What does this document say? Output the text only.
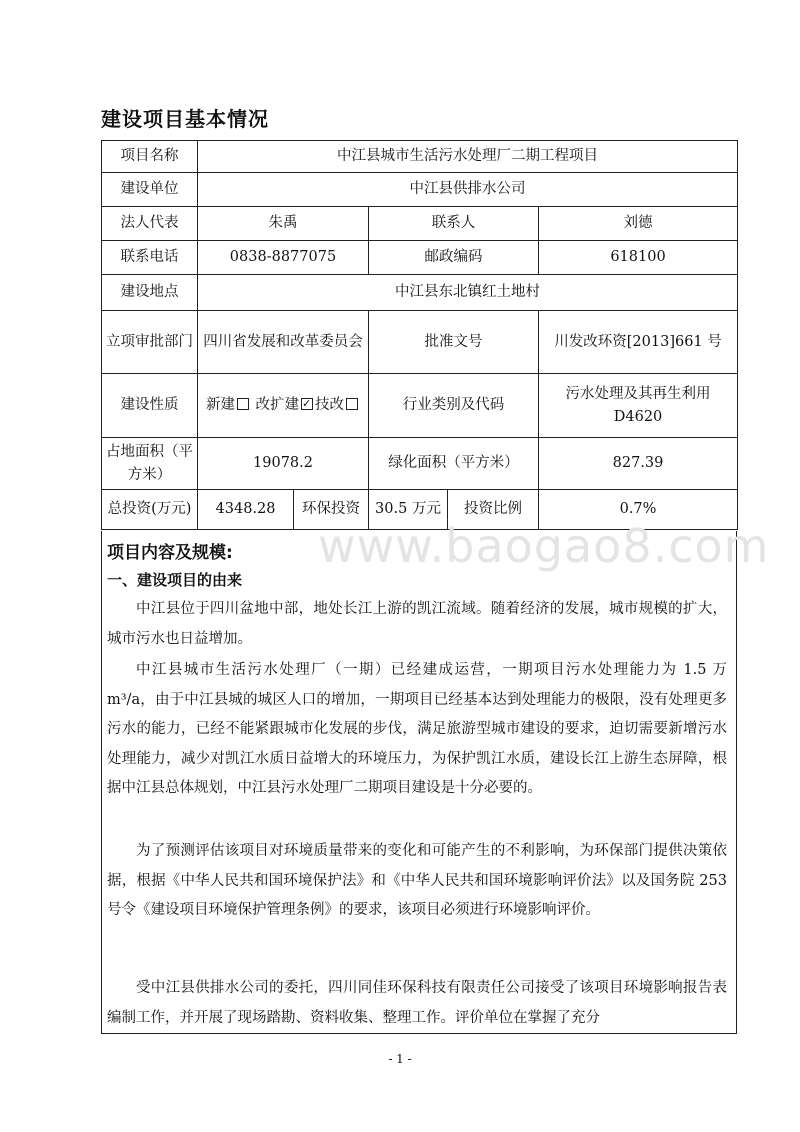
建设项目基本情况
项目名称	中江县城市生活污水处理厂二期工程项目				
建设单位	中江县供排水公司				
法人代表	朱禹		联系人		刘德
联系电话	0838-8877075		邮政编码		618100
建设地点	中江县东北镇红土地村				
立项审批部门	四川省发展和改革委员会		批准文号		川发改环资[2013]661 号
建设性质	新建 改扩建 ✓ 技改		行业类别及代码		污水处理及其再生利用 D4620
占地面积（平方米）	19078.2		绿化面积（平方米）		827.39
总投资(万元)	4348.28	环保投资	30.5 万元	投资比例	0.7%
项目内容及规模:
一、建设项目的由来

中江县位于四川盆地中部，地处长江上游的凯江流域。随着经济的发展，城市规模的扩大，城市污水也日益增加。

中江县城市生活污水处理厂（一期）已经建成运营，一期项目污水处理能力为 1.5 万 m³/a，由于中江县城的城区人口的增加，一期项目已经基本达到处理能力的极限，没有处理更多污水的能力，已经不能紧跟城市化发展的步伐，满足旅游型城市建设的要求，迫切需要新增污水处理能力，减少对凯江水质日益增大的环境压力，为保护凯江水质，建设长江上游生态屏障，根据中江县总体规划，中江县污水处理厂二期项目建设是十分必要的。

为了预测评估该项目对环境质量带来的变化和可能产生的不利影响，为环保部门提供决策依据，根据《中华人民共和国环境保护法》和《中华人民共和国环境影响评价法》以及国务院 253 号令《建设项目环境保护管理条例》的要求，该项目必须进行环境影响评价。

受中江县供排水公司的委托，四川同佳环保科技有限责任公司接受了该项目环境影响报告表编制工作，并开展了现场踏勘、资料收集、整理工作。评价单位在掌握了充分

www.baogao8.com
- 1 -
